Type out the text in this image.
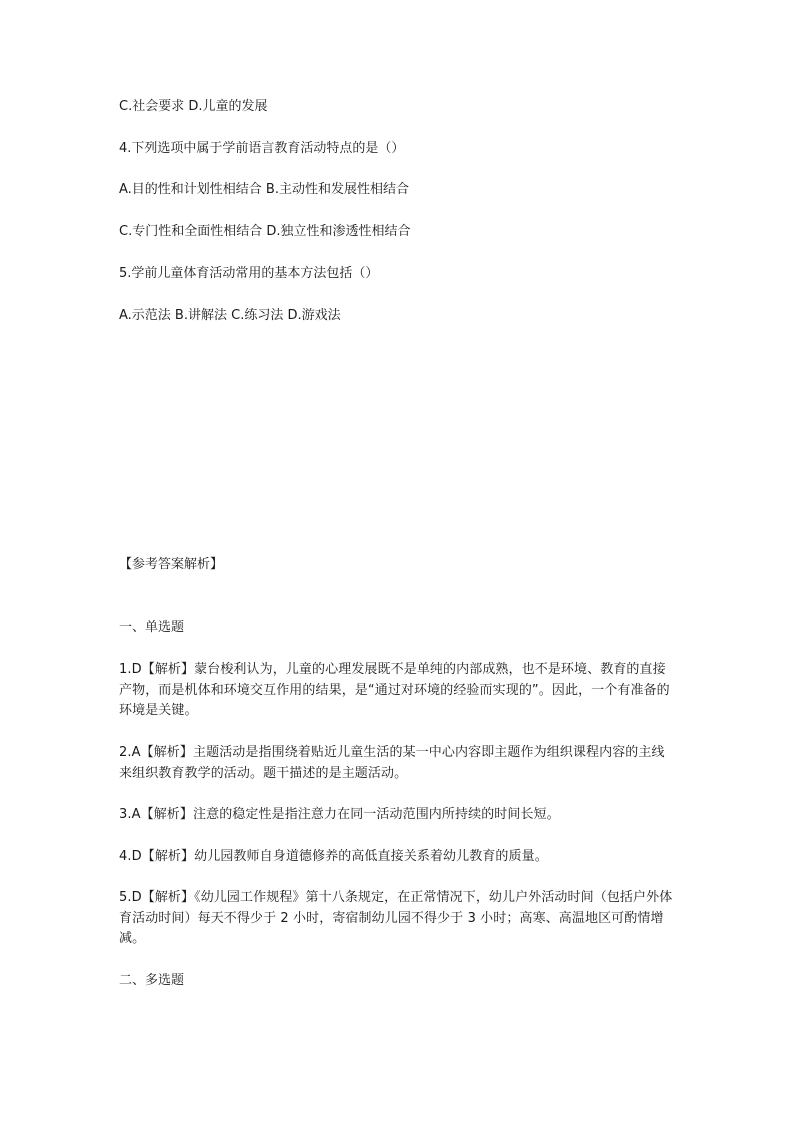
C.社会要求 D.儿童的发展

4.下列选项中属于学前语言教育活动特点的是（）

A.目的性和计划性相结合 B.主动性和发展性相结合

C.专门性和全面性相结合 D.独立性和渗透性相结合

5.学前儿童体育活动常用的基本方法包括（）

A.示范法 B.讲解法 C.练习法 D.游戏法

【参考答案解析】

一、单选题

1.D【解析】蒙台梭利认为，儿童的心理发展既不是单纯的内部成熟，也不是环境、教育的直接产物，而是机体和环境交互作用的结果，是“通过对环境的经验而实现的”。因此，一个有准备的环境是关键。

2.A【解析】主题活动是指围绕着贴近儿童生活的某一中心内容即主题作为组织课程内容的主线来组织教育教学的活动。题干描述的是主题活动。

3.A【解析】注意的稳定性是指注意力在同一活动范围内所持续的时间长短。

4.D【解析】幼儿园教师自身道德修养的高低直接关系着幼儿教育的质量。

5.D【解析】《幼儿园工作规程》第十八条规定，在正常情况下，幼儿户外活动时间（包括户外体育活动时间）每天不得少于 2 小时，寄宿制幼儿园不得少于 3 小时；高寒、高温地区可酌情增减。

二、多选题
